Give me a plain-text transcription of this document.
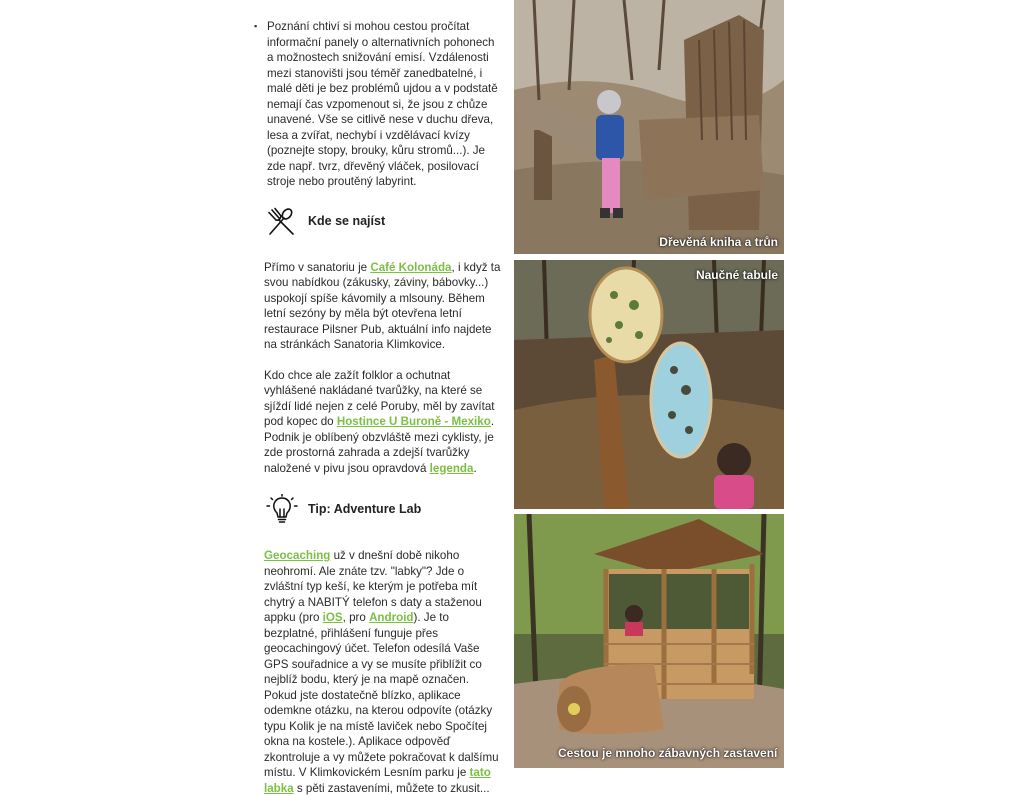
▪ Poznání chtiví si mohou cestou pročítat informační panely o alternativních pohonech a možnostech snižování emisí. Vzdálenosti mezi stanovišti jsou téměř zanedbatelné, i malé děti je bez problémů ujdou a v podstatě nemají čas vzpomenout si, že jsou z chůze unavené. Vše se citlivě nese v duchu dřeva, lesa a zvířat, nechybí i vzdělávací kvízy (poznejte stopy, brouky, kůru stromů...). Je zde např. tvrz, dřevěný vláček, posilovací stroje nebo proutěný labyrint.
Kde se najíst

Přímo v sanatoriu je Café Kolonáda, i když ta svou nabídkou (zákusky, záviny, bábovky...) uspokojí spíše kávomily a mlsouny. Během letní sezóny by měla být otevřena letní restaurace Pilsner Pub, aktuální info najdete na stránkách Sanatoria Klimkovice.

Kdo chce ale zažít folklor a ochutnat vyhlášené nakládané tvarůžky, na které se sjíždí lidé nejen z celé Poruby, měl by zavítat pod kopec do Hostince U Buroně - Mexiko. Podnik je oblíbený obzvláště mezi cyklisty, je zde prostorná zahrada a zdejší tvarůžky naložené v pivu jsou opravdová legenda.

Tip: Adventure Lab

Geocaching už v dnešní době nikoho neohromí. Ale znáte tzv. "labky"? Jde o zvláštní typ keší, ke kterým je potřeba mít chytrý a NABITÝ telefon s daty a staženou appku (pro iOS, pro Android). Je to bezplatné, přihlášení funguje přes geocachingový účet. Telefon odesílá Vaše GPS souřadnice a vy se musíte přiblížit co nejblíž bodu, který je na mapě označen. Pokud jste dostatečně blízko, aplikace odemkne otázku, na kterou odpovíte (otázky typu Kolik je na místě laviček nebo Spočítej okna na kostele.). Aplikace odpověď zkontroluje a vy můžete pokračovat k dalšímu místu. V Klimkovickém Lesním parku je tato labka s pěti zastaveními, můžete to zkusit...

Dřevěná kniha a trůn
Naučné tabule
Cestou je mnoho zábavných zastavení
